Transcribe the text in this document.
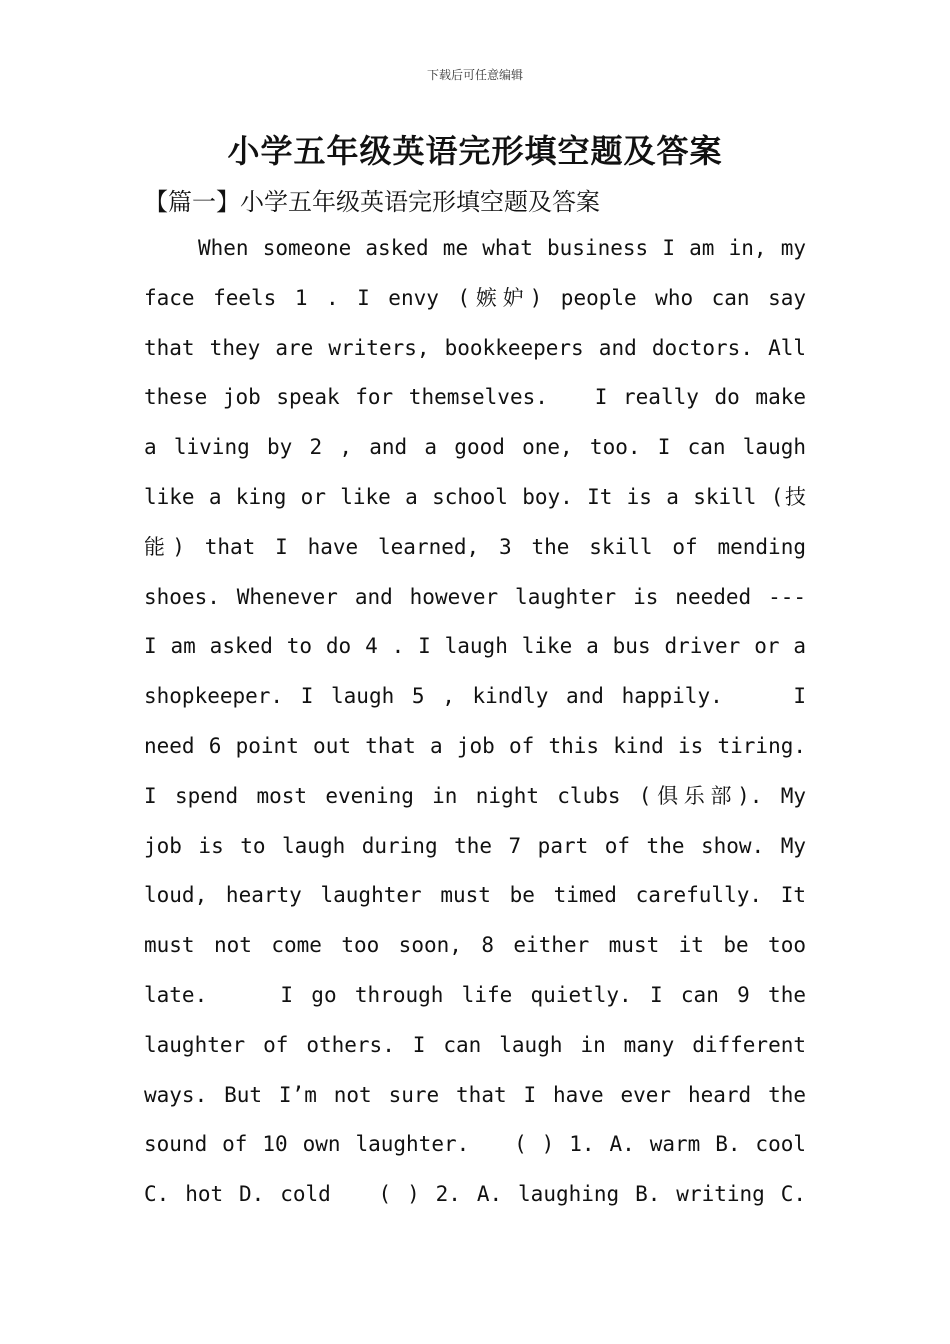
下载后可任意编辑
小学五年级英语完形填空题及答案
【篇一】小学五年级英语完形填空题及答案
When someone asked me what business I am in, my
face feels 1 . I envy (嫉妒) people who can say
that they are writers, bookkeepers and doctors. All
these job speak for themselves.   I really do make
a living by 2 , and a good one, too. I can laugh
like a king or like a school boy. It is a skill (技
能) that I have learned, 3 the skill of mending
shoes. Whenever and however laughter is needed ---
I am asked to do 4 . I laugh like a bus driver or a
shopkeeper. I laugh 5 , kindly and happily.    I
need 6 point out that a job of this kind is tiring.
I spend most evening in night clubs (俱乐部). My
job is to laugh during the 7 part of the show. My
loud, hearty laughter must be timed carefully. It
must not come too soon, 8 either must it be too
late.    I go through life quietly. I can 9 the
laughter of others. I can laugh in many different
ways. But I’m not sure that I have ever heard the
sound of 10 own laughter.   ( ) 1. A. warm B. cool
C. hot D. cold   ( ) 2. A. laughing B. writing C.
